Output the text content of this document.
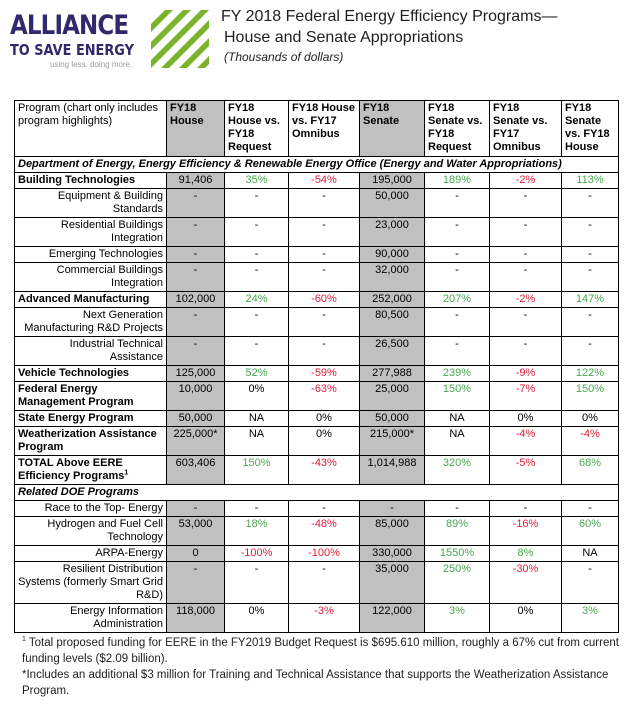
ALLIANCE
TO SAVE ENERGY
using less. doing more.
FY 2018 Federal Energy Efficiency Programs—
House and Senate Appropriations
(Thousands of dollars)
Program (chart only includes program highlights)	FY18 House	FY18 House vs. FY18 Request	FY18 House vs. FY17 Omnibus	FY18 Senate	FY18 Senate vs. FY18 Request	FY18 Senate vs. FY17 Omnibus	FY18 Senate vs. FY18 House
Department of Energy, Energy Efficiency & Renewable Energy Office (Energy and Water Appropriations)							
Building Technologies	91,406	35%	-54%	195,000	189%	-2%	113%
Equipment & Building Standards	-	-	-	50,000	-	-	-
Residential Buildings Integration	-	-	-	23,000	-	-	-
Emerging Technologies	-	-	-	90,000	-	-	-
Commercial Buildings Integration	-	-	-	32,000	-	-	-
Advanced Manufacturing	102,000	24%	-60%	252,000	207%	-2%	147%
Next Generation Manufacturing R&D Projects	-	-	-	80,500	-	-	-
Industrial Technical Assistance	-	-	-	26,500	-	-	-
Vehicle Technologies	125,000	52%	-59%	277,988	239%	-9%	122%
Federal Energy Management Program	10,000	0%	-63%	25,000	150%	-7%	150%
State Energy Program	50,000	NA	0%	50,000	NA	0%	0%
Weatherization Assistance Program	225,000*	NA	0%	215,000*	NA	-4%	-4%
TOTAL Above EERE Efficiency Programs$^1$	603,406	150%	-43%	1,014,988	320%	-5%	68%
Related DOE Programs							
Race to the Top- Energy	-	-	-	-	-	-	-
Hydrogen and Fuel Cell Technology	53,000	18%	-48%	85,000	89%	-16%	60%
ARPA-Energy	0	-100%	-100%	330,000	1550%	8%	NA
Resilient Distribution Systems (formerly Smart Grid R&D)	-	-	-	35,000	250%	-30%	-
Energy Information Administration	118,000	0%	-3%	122,000	3%	0%	3%

$^1$ Total proposed funding for EERE in the FY2019 Budget Request is $695.610 million, roughly a 67% cut from current funding levels ($2.09 billion).

*Includes an additional $3 million for Training and Technical Assistance that supports the Weatherization Assistance Program.
